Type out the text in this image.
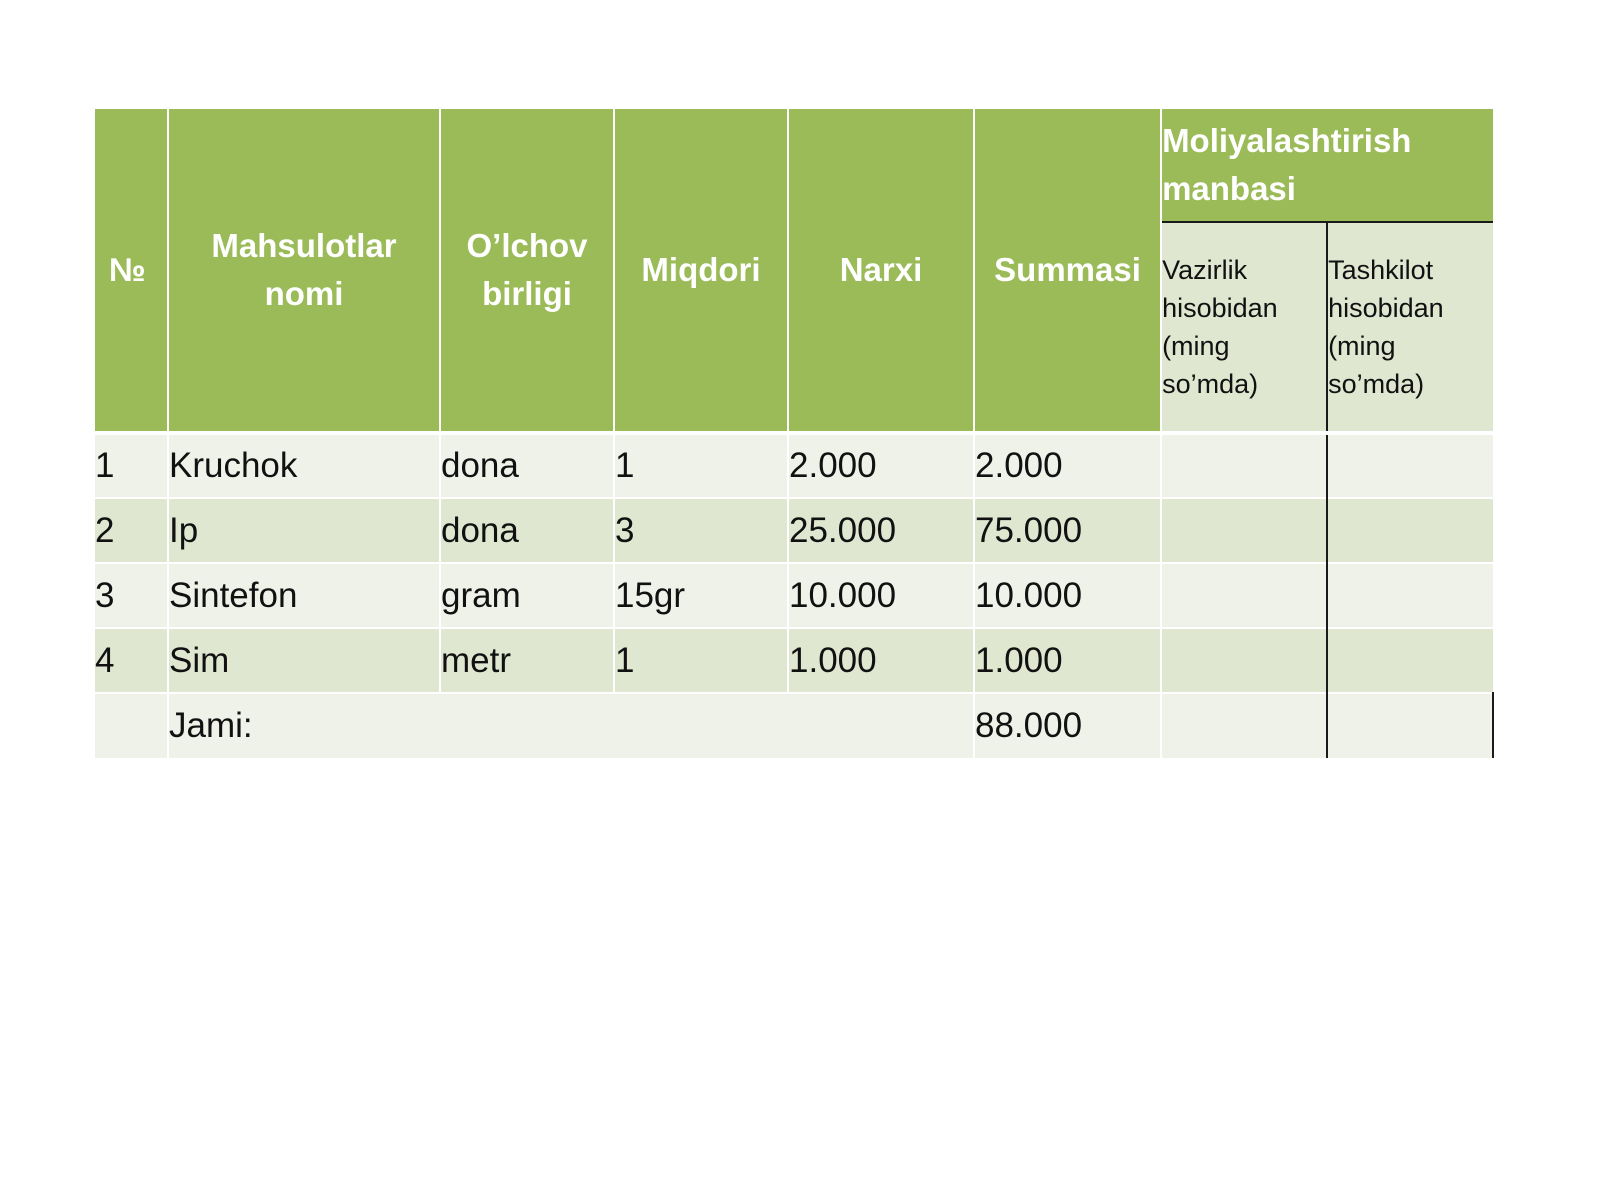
№	Mahsulotlar nomi	O’lchov birligi	Miqdori	Narxi	Summasi	Moliyalashtirish manbasi	
						Vazirlik hisobidan (ming so’mda)	Tashkilot hisobidan (ming so’mda)
1	Kruchok	dona	1	2.000	2.000		
2	Ip	dona	3	25.000	75.000		
3	Sintefon	gram	15gr	10.000	10.000		
4	Sim	metr	1	1.000	1.000		
	Jami:				88.000		
